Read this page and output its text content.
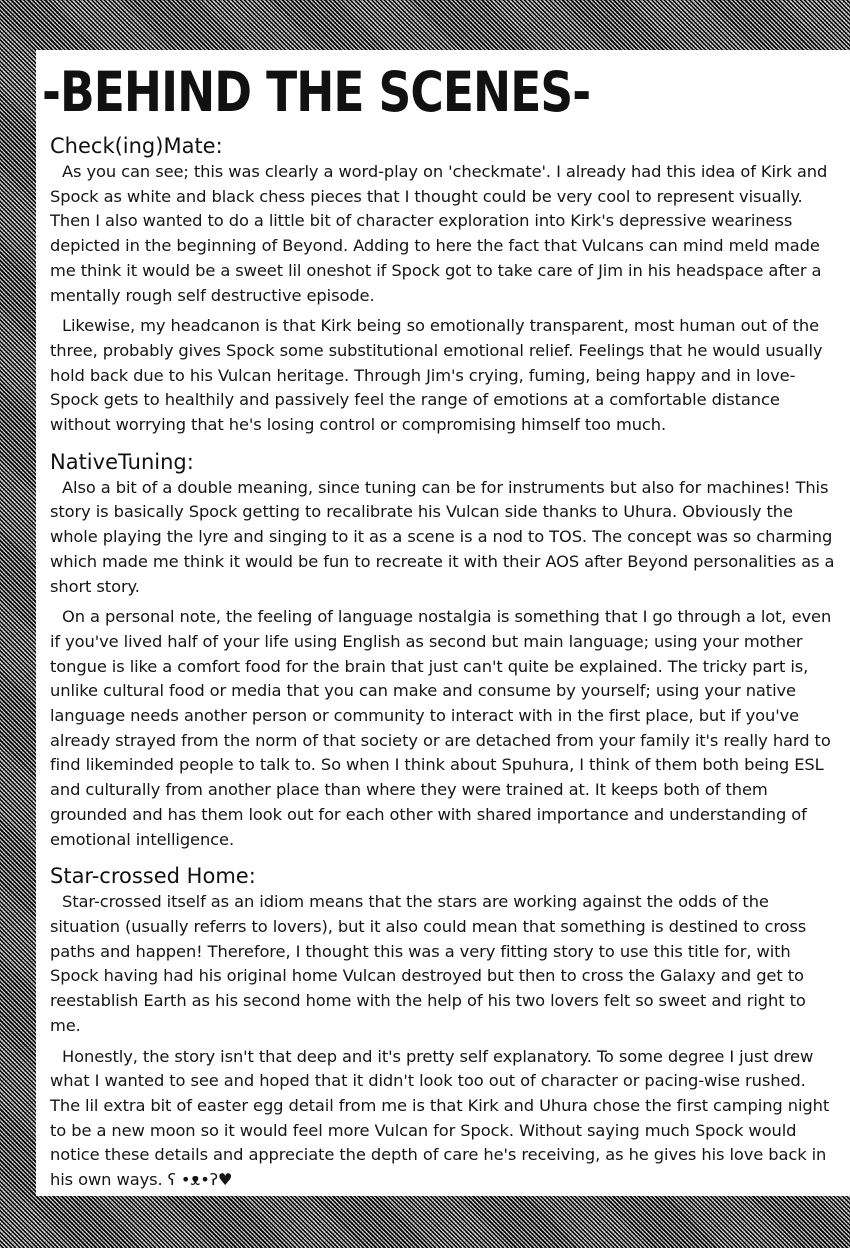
-BEHIND THE SCENES-
Check(ing)Mate:

As you can see; this was clearly a word-play on 'checkmate'. I already had this idea of Kirk and Spock as white and black chess pieces that I thought could be very cool to represent visually. Then I also wanted to do a little bit of character exploration into Kirk's depressive weariness depicted in the beginning of Beyond. Adding to here the fact that Vulcans can mind meld made me think it would be a sweet lil oneshot if Spock got to take care of Jim in his headspace after a mentally rough self destructive episode.

Likewise, my headcanon is that Kirk being so emotionally transparent, most human out of the three, probably gives Spock some substitutional emotional relief. Feelings that he would usually hold back due to his Vulcan heritage. Through Jim's crying, fuming, being happy and in love- Spock gets to healthily and passively feel the range of emotions at a comfortable distance without worrying that he's losing control or compromising himself too much.

NativeTuning:

Also a bit of a double meaning, since tuning can be for instruments but also for machines! This story is basically Spock getting to recalibrate his Vulcan side thanks to Uhura. Obviously the whole playing the lyre and singing to it as a scene is a nod to TOS. The concept was so charming which made me think it would be fun to recreate it with their AOS after Beyond personalities as a short story.

On a personal note, the feeling of language nostalgia is something that I go through a lot, even if you've lived half of your life using English as second but main language; using your mother tongue is like a comfort food for the brain that just can't quite be explained. The tricky part is, unlike cultural food or media that you can make and consume by yourself; using your native language needs another person or community to interact with in the first place, but if you've already strayed from the norm of that society or are detached from your family it's really hard to find likeminded people to talk to. So when I think about Spuhura, I think of them both being ESL and culturally from another place than where they were trained at. It keeps both of them grounded and has them look out for each other with shared importance and understanding of emotional intelligence.

Star-crossed Home:

Star-crossed itself as an idiom means that the stars are working against the odds of the situation (usually referrs to lovers), but it also could mean that something is destined to cross paths and happen! Therefore, I thought this was a very fitting story to use this title for, with Spock having had his original home Vulcan destroyed but then to cross the Galaxy and get to reestablish Earth as his second home with the help of his two lovers felt so sweet and right to me.

Honestly, the story isn't that deep and it's pretty self explanatory. To some degree I just drew what I wanted to see and hoped that it didn't look too out of character or pacing-wise rushed. The lil extra bit of easter egg detail from me is that Kirk and Uhura chose the first camping night to be a new moon so it would feel more Vulcan for Spock. Without saying much Spock would notice these details and appreciate the depth of care he's receiving, as he gives his love back in his own ways. ʕ •ᴥ•ʔ♥
